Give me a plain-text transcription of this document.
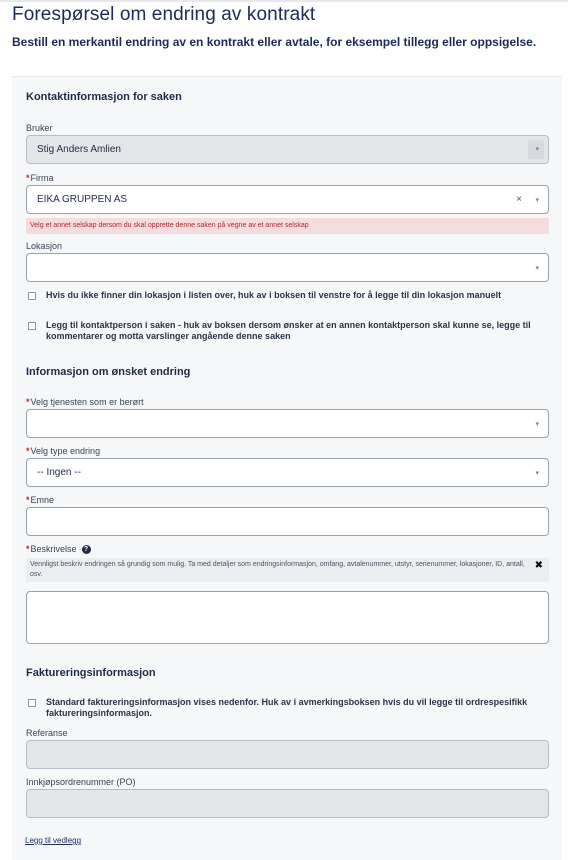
Forespørsel om endring av kontrakt

Bestill en merkantil endring av en kontrakt eller avtale, for eksempel tillegg eller oppsigelse.

Kontaktinformasjon for saken
Bruker
Stig Anders Amlien	▾
*Firma
EIKA GRUPPEN AS	× ▾
Velg et annet selskap dersom du skal opprette denne saken på vegne av et annet selskap
Lokasjon
▾
Hvis du ikke finner din lokasjon i listen over, huk av i boksen til venstre for å legge til din lokasjon manuelt
Legg til kontaktperson i saken - huk av boksen dersom ønsker at en annen kontaktperson skal kunne se, legge til kommentarer og motta varslinger angående denne saken
Informasjon om ønsket endring
*Velg tjenesten som er berørt
▾
*Velg type endring
-- Ingen --	▾
*Emne
*Beskrivelse ?
Vennligst beskriv endringen så grundig som mulig. Ta med detaljer som endringsinformasjon, omfang, avtalenummer, utstyr, serienummer, lokasjoner, ID, antall, osv.
✖
Faktureringsinformasjon
Standard faktureringsinformasjon vises nedenfor. Huk av i avmerkingsboksen hvis du vil legge til ordrespesifikk faktureringsinformasjon.
Referanse
Innkjøpsordrenummer (PO)
Legg til vedlegg
